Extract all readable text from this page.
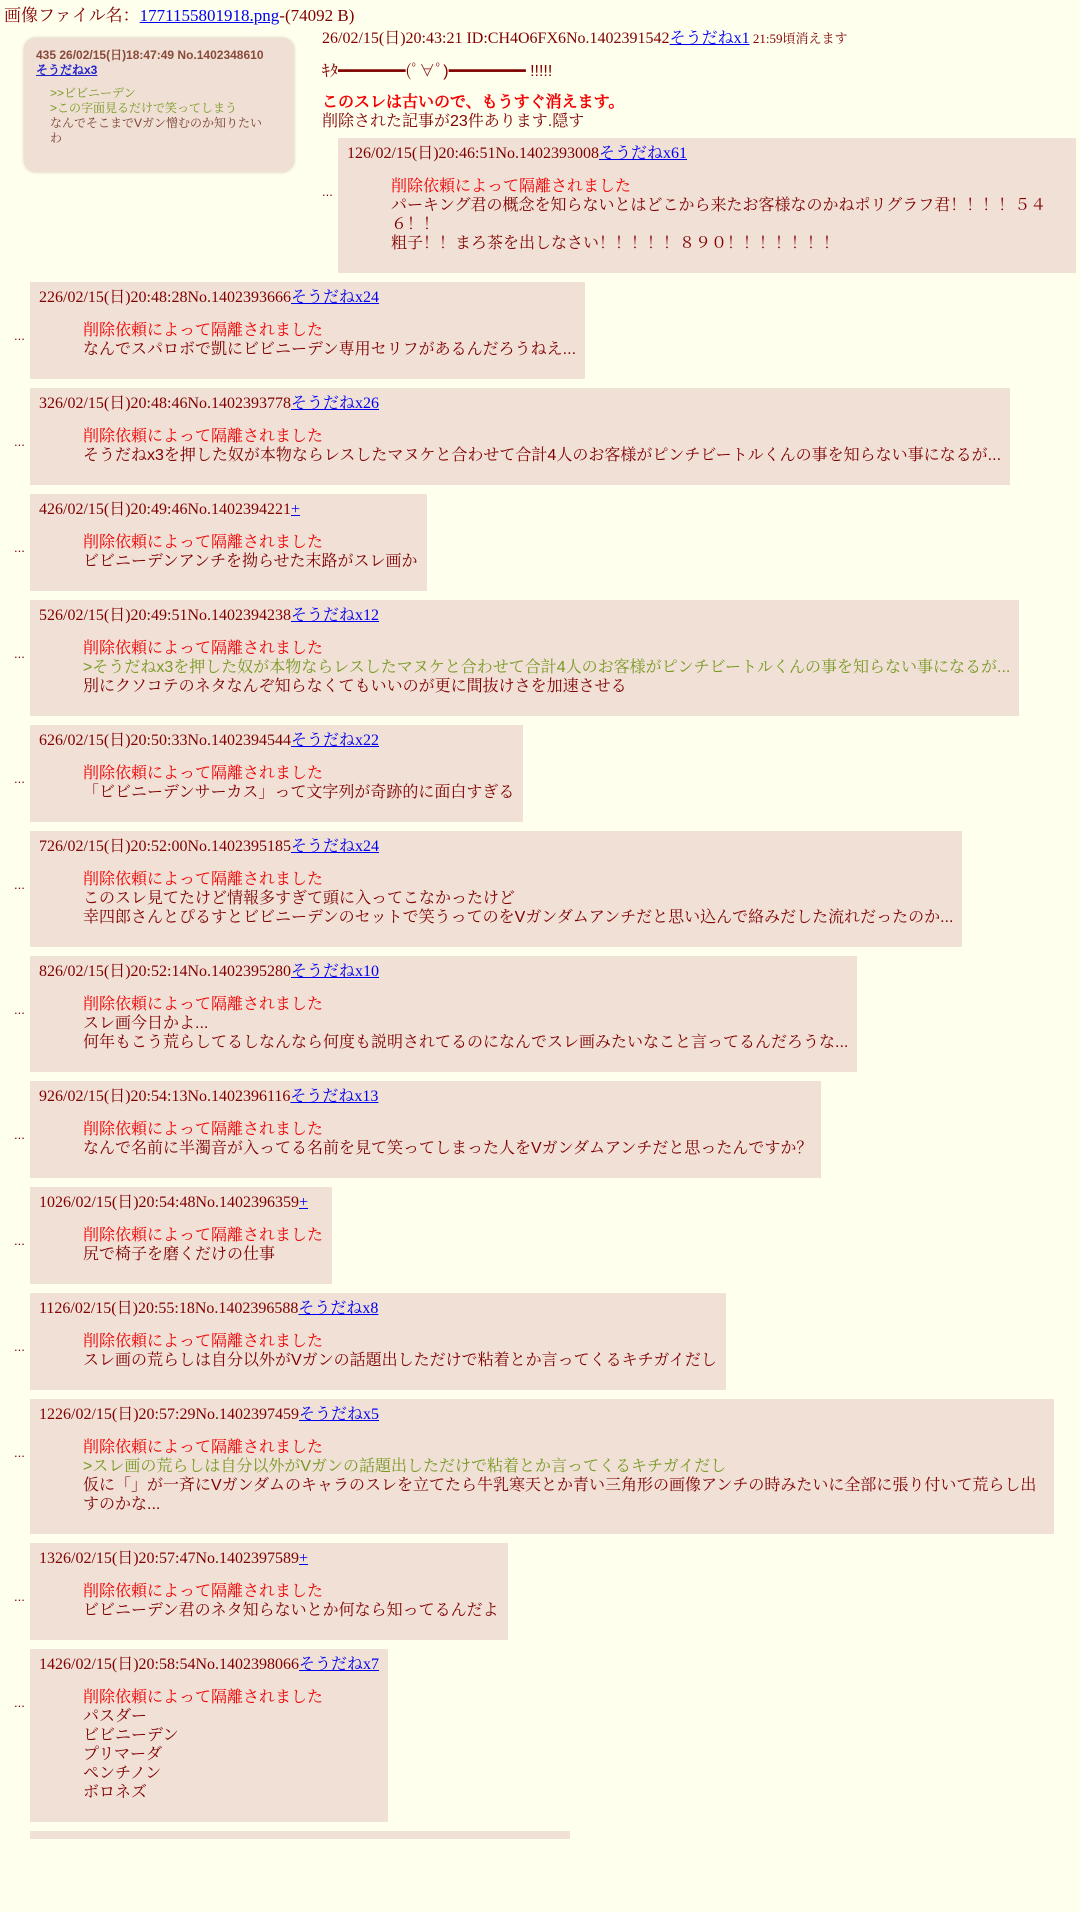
画像ファイル名：1771155801918.png-(74092 B)
435 26/02/15(日)18:47:49 No.1402348610
そうだねx3
>>ビビニーデン
>この字面見るだけで笑ってしまう
なんでそこまでVガン憎むのか知りたい
わ
26/02/15(日)20:43:21 ID:CH4O6FX6No.1402391542そうだねx1 21:59頃消えます
ｷﾀ━━━━━━━(ﾟ∀ﾟ)━━━━━━━━ !!!!!
このスレは古いので、もうすぐ消えます。
削除された記事が23件あります.隠す
...
126/02/15(日)20:46:51No.1402393008そうだねx61
削除依頼によって隔離されました
パーキング君の概念を知らないとはどこから来たお客様なのかねポリグラフ君！！！！５４６！！
粗子！！まろ茶を出しなさい！！！！！８９０！！！！！！！
...
226/02/15(日)20:48:28No.1402393666そうだねx24
削除依頼によって隔離されました
なんでスパロボで凱にビビニーデン専用セリフがあるんだろうねえ...
...
326/02/15(日)20:48:46No.1402393778そうだねx26
削除依頼によって隔離されました
そうだねx3を押した奴が本物ならレスしたマヌケと合わせて合計4人のお客様がピンチビートルくんの事を知らない事になるが...
...
426/02/15(日)20:49:46No.1402394221+
削除依頼によって隔離されました
ビビニーデンアンチを拗らせた末路がスレ画か
...
526/02/15(日)20:49:51No.1402394238そうだねx12
削除依頼によって隔離されました
>そうだねx3を押した奴が本物ならレスしたマヌケと合わせて合計4人のお客様がピンチビートルくんの事を知らない事になるが...
別にクソコテのネタなんぞ知らなくてもいいのが更に間抜けさを加速させる
...
626/02/15(日)20:50:33No.1402394544そうだねx22
削除依頼によって隔離されました
「ビビニーデンサーカス」って文字列が奇跡的に面白すぎる
...
726/02/15(日)20:52:00No.1402395185そうだねx24
削除依頼によって隔離されました
このスレ見てたけど情報多すぎて頭に入ってこなかったけど
幸四郎さんとぴるすとビビニーデンのセットで笑うってのをVガンダムアンチだと思い込んで絡みだした流れだったのか...
...
826/02/15(日)20:52:14No.1402395280そうだねx10
削除依頼によって隔離されました
スレ画今日かよ...
何年もこう荒らしてるしなんなら何度も説明されてるのになんでスレ画みたいなこと言ってるんだろうな...
...
926/02/15(日)20:54:13No.1402396116そうだねx13
削除依頼によって隔離されました
なんで名前に半濁音が入ってる名前を見て笑ってしまった人をVガンダムアンチだと思ったんですか？
...
1026/02/15(日)20:54:48No.1402396359+
削除依頼によって隔離されました
尻で椅子を磨くだけの仕事
...
1126/02/15(日)20:55:18No.1402396588そうだねx8
削除依頼によって隔離されました
スレ画の荒らしは自分以外がVガンの話題出しただけで粘着とか言ってくるキチガイだし
...
1226/02/15(日)20:57:29No.1402397459そうだねx5
削除依頼によって隔離されました
>スレ画の荒らしは自分以外がVガンの話題出しただけで粘着とか言ってくるキチガイだし
仮に「」が一斉にVガンダムのキャラのスレを立てたら牛乳寒天とか青い三角形の画像アンチの時みたいに全部に張り付いて荒らし出すのかな...
...
1326/02/15(日)20:57:47No.1402397589+
削除依頼によって隔離されました
ビビニーデン君のネタ知らないとか何なら知ってるんだよ
...
1426/02/15(日)20:58:54No.1402398066そうだねx7
削除依頼によって隔離されました
パスダー
ビビニーデン
プリマーダ
ペンチノン
ボロネズ
